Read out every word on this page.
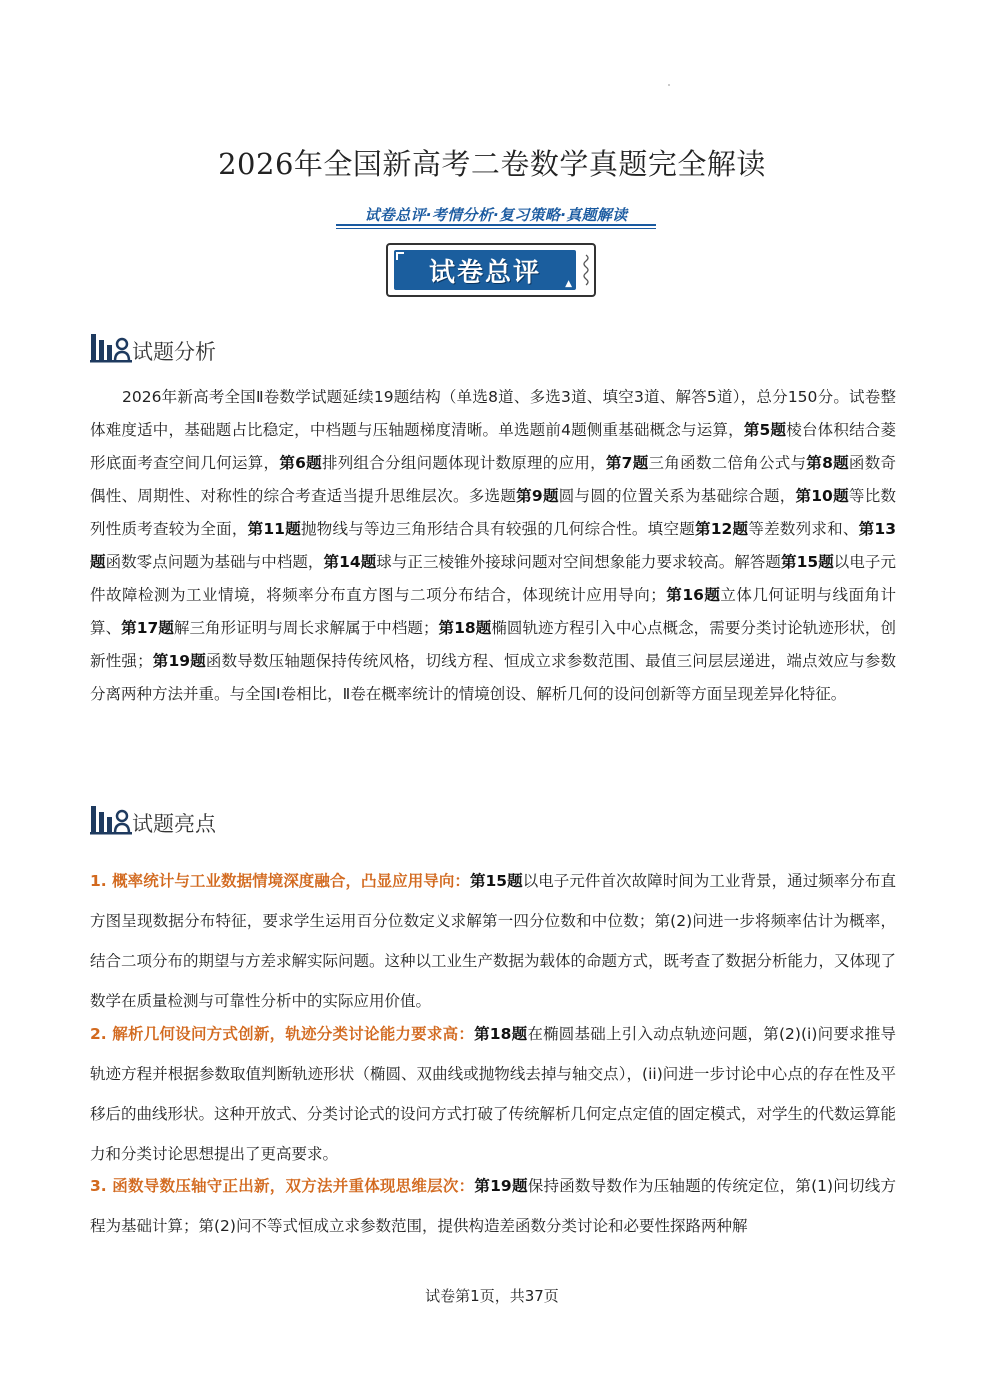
2026年全国新高考二卷数学真题完全解读
试卷总评·考情分析·复习策略·真题解读
试卷总评	▲
试题分析
2026年新高考全国Ⅱ卷数学试题延续19题结构（单选8道、多选3道、填空3道、解答5道），总分150分。试卷整体难度适中，基础题占比稳定，中档题与压轴题梯度清晰。单选题前4题侧重基础概念与运算，第5题棱台体积结合菱形底面考查空间几何运算，第6题排列组合分组问题体现计数原理的应用，第7题三角函数二倍角公式与第8题函数奇偶性、周期性、对称性的综合考查适当提升思维层次。多选题第9题圆与圆的位置关系为基础综合题，第10题等比数列性质考查较为全面，第11题抛物线与等边三角形结合具有较强的几何综合性。填空题第12题等差数列求和、第13题函数零点问题为基础与中档题，第14题球与正三棱锥外接球问题对空间想象能力要求较高。解答题第15题以电子元件故障检测为工业情境，将频率分布直方图与二项分布结合，体现统计应用导向；第16题立体几何证明与线面角计算、第17题解三角形证明与周长求解属于中档题；第18题椭圆轨迹方程引入中心点概念，需要分类讨论轨迹形状，创新性强；第19题函数导数压轴题保持传统风格，切线方程、恒成立求参数范围、最值三问层层递进，端点效应与参数分离两种方法并重。与全国Ⅰ卷相比，Ⅱ卷在概率统计的情境创设、解析几何的设问创新等方面呈现差异化特征。
试题亮点
1. 概率统计与工业数据情境深度融合，凸显应用导向：第15题以电子元件首次故障时间为工业背景，通过频率分布直方图呈现数据分布特征，要求学生运用百分位数定义求解第一四分位数和中位数；第(2)问进一步将频率估计为概率，结合二项分布的期望与方差求解实际问题。这种以工业生产数据为载体的命题方式，既考查了数据分析能力，又体现了数学在质量检测与可靠性分析中的实际应用价值。
2. 解析几何设问方式创新，轨迹分类讨论能力要求高：第18题在椭圆基础上引入动点轨迹问题，第(2)(i)问要求推导轨迹方程并根据参数取值判断轨迹形状（椭圆、双曲线或抛物线去掉与轴交点），(ii)问进一步讨论中心点的存在性及平移后的曲线形状。这种开放式、分类讨论式的设问方式打破了传统解析几何定点定值的固定模式，对学生的代数运算能力和分类讨论思想提出了更高要求。
3. 函数导数压轴守正出新，双方法并重体现思维层次：第19题保持函数导数作为压轴题的传统定位，第(1)问切线方程为基础计算；第(2)问不等式恒成立求参数范围，提供构造差函数分类讨论和必要性探路两种解
试卷第1页，共37页
